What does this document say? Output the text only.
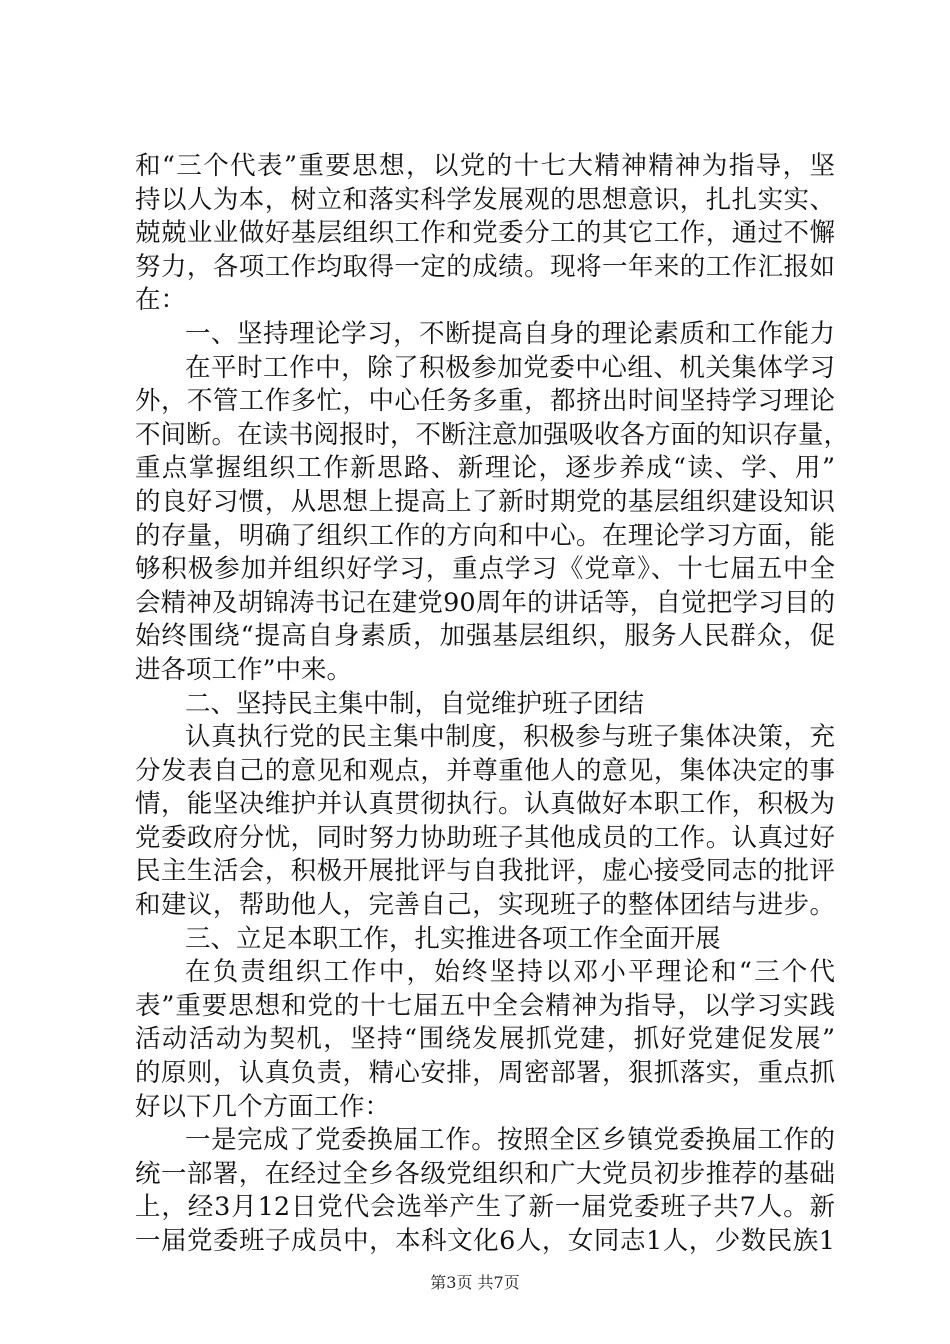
和“三个代表”重要思想，以党的十七大精神精神为指导，坚
持以人为本，树立和落实科学发展观的思想意识，扎扎实实、
兢兢业业做好基层组织工作和党委分工的其它工作，通过不懈
努力，各项工作均取得一定的成绩。现将一年来的工作汇报如
在：
一、坚持理论学习，不断提高自身的理论素质和工作能力
在平时工作中，除了积极参加党委中心组、机关集体学习
外，不管工作多忙，中心任务多重，都挤出时间坚持学习理论
不间断。在读书阅报时，不断注意加强吸收各方面的知识存量，
重点掌握组织工作新思路、新理论，逐步养成“读、学、用”
的良好习惯，从思想上提高上了新时期党的基层组织建设知识
的存量，明确了组织工作的方向和中心。在理论学习方面，能
够积极参加并组织好学习，重点学习《党章》、十七届五中全
会精神及胡锦涛书记在建党90周年的讲话等，自觉把学习目的
始终围绕“提高自身素质，加强基层组织，服务人民群众，促
进各项工作”中来。
二、坚持民主集中制，自觉维护班子团结
认真执行党的民主集中制度，积极参与班子集体决策，充
分发表自己的意见和观点，并尊重他人的意见，集体决定的事
情，能坚决维护并认真贯彻执行。认真做好本职工作，积极为
党委政府分忧，同时努力协助班子其他成员的工作。认真过好
民主生活会，积极开展批评与自我批评，虚心接受同志的批评
和建议，帮助他人，完善自己，实现班子的整体团结与进步。
三、立足本职工作，扎实推进各项工作全面开展
在负责组织工作中，始终坚持以邓小平理论和“三个代
表”重要思想和党的十七届五中全会精神为指导，以学习实践
活动活动为契机，坚持“围绕发展抓党建，抓好党建促发展”
的原则，认真负责，精心安排，周密部署，狠抓落实，重点抓
好以下几个方面工作：
一是完成了党委换届工作。按照全区乡镇党委换届工作的
统一部署，在经过全乡各级党组织和广大党员初步推荐的基础
上，经3月12日党代会选举产生了新一届党委班子共7人。新
一届党委班子成员中，本科文化6人，女同志1人，少数民族1
第3页 共7页
